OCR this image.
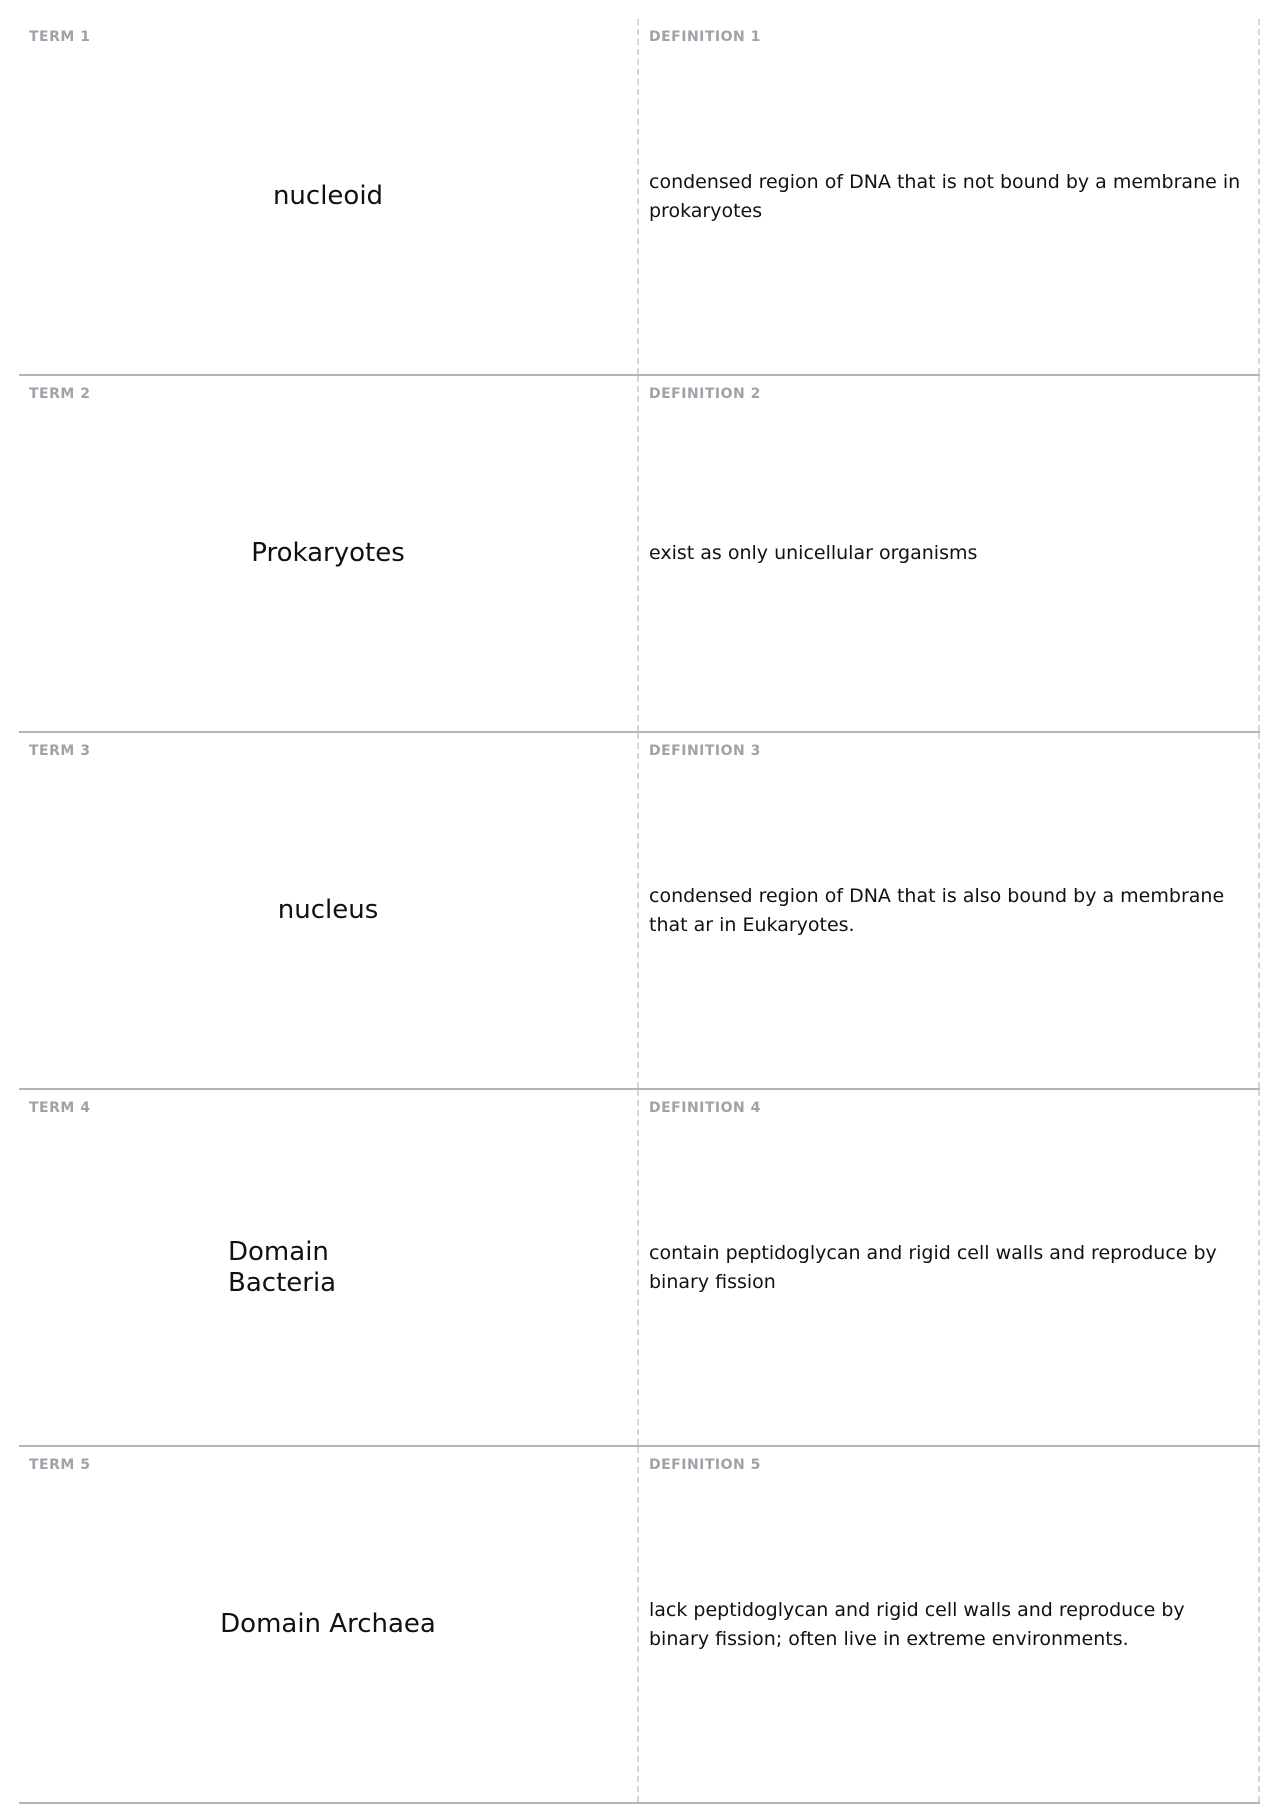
TERM 1
nucleoid
DEFINITION 1
condensed region of DNA that is not bound by a membrane in prokaryotes
TERM 2
Prokaryotes
DEFINITION 2
exist as only unicellular organisms
TERM 3
nucleus
DEFINITION 3
condensed region of DNA that is also bound by a membrane that ar in Eukaryotes.
TERM 4
Domain Bacteria
DEFINITION 4
contain peptidoglycan and rigid cell walls and reproduce by binary fission
TERM 5
Domain Archaea
DEFINITION 5
lack peptidoglycan and rigid cell walls and reproduce by binary fission; often live in extreme environments.
